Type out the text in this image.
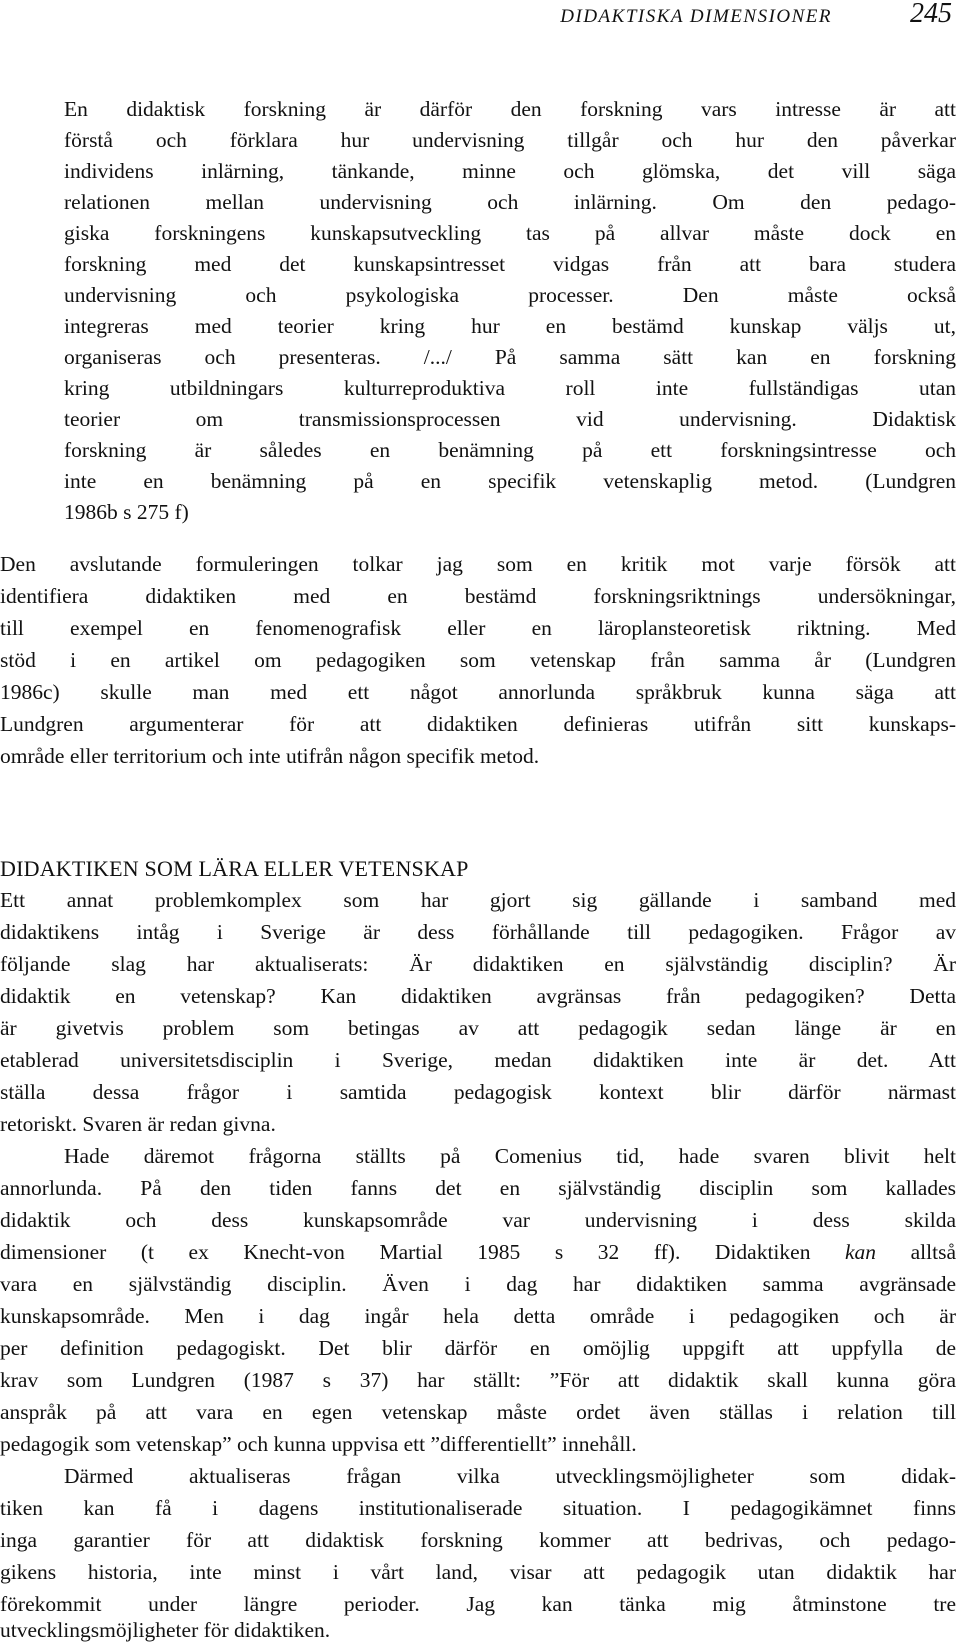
DIDAKTISKA DIMENSIONER	245
En didaktisk forskning är därför den forskning vars intresse är att
förstå och förklara hur undervisning tillgår och hur den påverkar
individens inlärning, tänkande, minne och glömska, det vill säga
relationen mellan undervisning och inlärning. Om den pedago-
giska forskningens kunskapsutveckling tas på allvar måste dock en
forskning med det kunskapsintresset vidgas från att bara studera
undervisning och psykologiska processer. Den måste också
integreras med teorier kring hur en bestämd kunskap väljs ut,
organiseras och presenteras. /.../ På samma sätt kan en forskning
kring utbildningars kulturreproduktiva roll inte fullständigas utan
teorier om transmissionsprocessen vid undervisning. Didaktisk
forskning är således en benämning på ett forskningsintresse och
inte en benämning på en specifik vetenskaplig metod. (Lundgren
1986b s 275 f)
Den avslutande formuleringen tolkar jag som en kritik mot varje försök att
identifiera didaktiken med en bestämd forskningsriktnings undersökningar,
till exempel en fenomenografisk eller en läroplansteoretisk riktning. Med
stöd i en artikel om pedagogiken som vetenskap från samma år (Lundgren
1986c) skulle man med ett något annorlunda språkbruk kunna säga att
Lundgren argumenterar för att didaktiken definieras utifrån sitt kunskaps-
område eller territorium och inte utifrån någon specifik metod.
DIDAKTIKEN SOM LÄRA ELLER VETENSKAP
Ett annat problemkomplex som har gjort sig gällande i samband med
didaktikens intåg i Sverige är dess förhållande till pedagogiken. Frågor av
följande slag har aktualiserats: Är didaktiken en självständig disciplin? Är
didaktik en vetenskap? Kan didaktiken avgränsas från pedagogiken? Detta
är givetvis problem som betingas av att pedagogik sedan länge är en
etablerad universitetsdisciplin i Sverige, medan didaktiken inte är det. Att
ställa dessa frågor i samtida pedagogisk kontext blir därför närmast
retoriskt. Svaren är redan givna.
Hade däremot frågorna ställts på Comenius tid, hade svaren blivit helt
annorlunda. På den tiden fanns det en självständig disciplin som kallades
didaktik och dess kunskapsområde var undervisning i dess skilda
dimensioner (t ex Knecht-von Martial 1985 s 32 ff). Didaktiken kan alltså
vara en självständig disciplin. Även i dag har didaktiken samma avgränsade
kunskapsområde. Men i dag ingår hela detta område i pedagogiken och är
per definition pedagogiskt. Det blir därför en omöjlig uppgift att uppfylla de
krav som Lundgren (1987 s 37) har ställt: ”För att didaktik skall kunna göra
anspråk på att vara en egen vetenskap måste ordet även ställas i relation till
pedagogik som vetenskap” och kunna uppvisa ett ”differentiellt” innehåll.
Därmed aktualiseras frågan vilka utvecklingsmöjligheter som didak-
tiken kan få i dagens institutionaliserade situation. I pedagogikämnet finns
inga garantier för att didaktisk forskning kommer att bedrivas, och pedago-
gikens historia, inte minst i vårt land, visar att pedagogik utan didaktik har
förekommit under längre perioder. Jag kan tänka mig åtminstone tre
utvecklingsmöjligheter för didaktiken.
